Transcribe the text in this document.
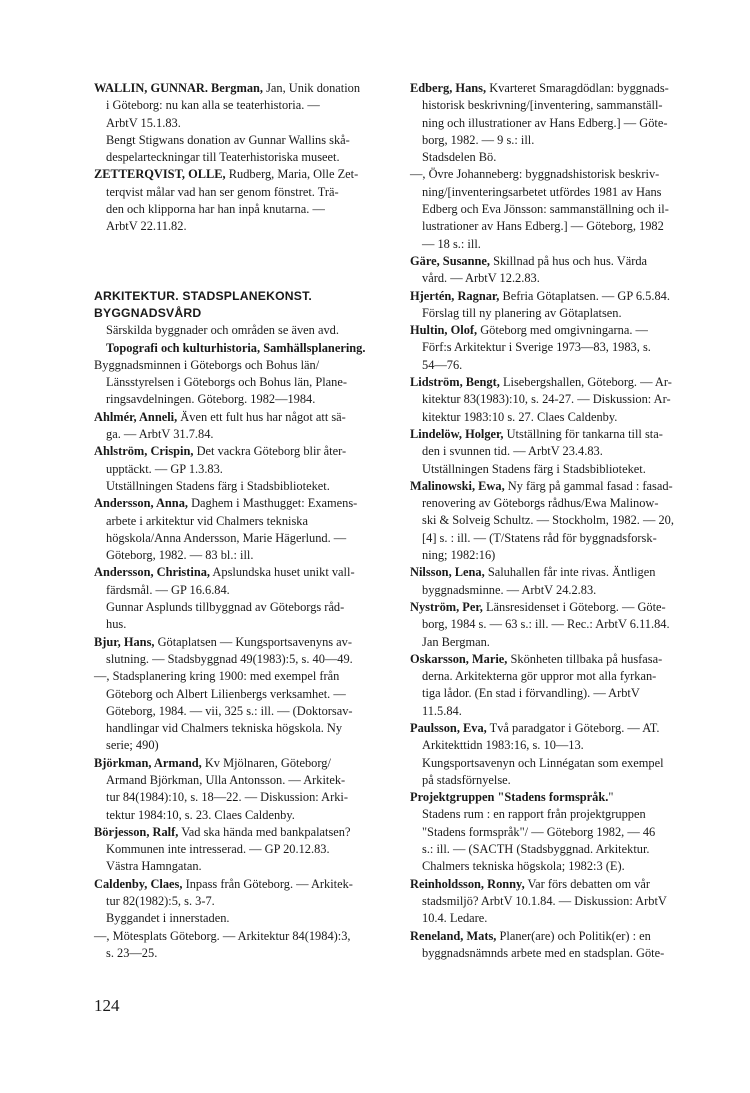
WALLIN, GUNNAR. Bergman, Jan, Unik donation
i Göteborg: nu kan alla se teaterhistoria. —
ArbtV 15.1.83.
Bengt Stigwans donation av Gunnar Wallins skå-
despelarteckningar till Teaterhistoriska museet.
ZETTERQVIST, OLLE, Rudberg, Maria, Olle Zet-
terqvist målar vad han ser genom fönstret. Trä-
den och klipporna har han inpå knutarna. —
ArbtV 22.11.82.
ARKITEKTUR. STADSPLANEKONST.
BYGGNADSVÅRD
Särskilda byggnader och områden se även avd.
Topografi och kulturhistoria, Samhällsplanering.
Byggnadsminnen i Göteborgs och Bohus län/
Länsstyrelsen i Göteborgs och Bohus län, Plane-
ringsavdelningen. Göteborg. 1982—1984.
Ahlmér, Anneli, Även ett fult hus har något att sä-
ga. — ArbtV 31.7.84.
Ahlström, Crispin, Det vackra Göteborg blir åter-
upptäckt. — GP 1.3.83.
Utställningen Stadens färg i Stadsbiblioteket.
Andersson, Anna, Daghem i Masthugget: Examens-
arbete i arkitektur vid Chalmers tekniska
högskola/Anna Andersson, Marie Hägerlund. —
Göteborg, 1982. — 83 bl.: ill.
Andersson, Christina, Apslundska huset unikt vall-
färdsmål. — GP 16.6.84.
Gunnar Asplunds tillbyggnad av Göteborgs råd-
hus.
Bjur, Hans, Götaplatsen — Kungsportsavenyns av-
slutning. — Stadsbyggnad 49(1983):5, s. 40—49.
—, Stadsplanering kring 1900: med exempel från
Göteborg och Albert Lilienbergs verksamhet. —
Göteborg, 1984. — vii, 325 s.: ill. — (Doktorsav-
handlingar vid Chalmers tekniska högskola. Ny
serie; 490)
Björkman, Armand, Kv Mjölnaren, Göteborg/
Armand Björkman, Ulla Antonsson. — Arkitek-
tur 84(1984):10, s. 18—22. — Diskussion: Arki-
tektur 1984:10, s. 23. Claes Caldenby.
Börjesson, Ralf, Vad ska hända med bankpalatsen?
Kommunen inte intresserad. — GP 20.12.83.
Västra Hamngatan.
Caldenby, Claes, Inpass från Göteborg. — Arkitek-
tur 82(1982):5, s. 3-7.
Byggandet i innerstaden.
—, Mötesplats Göteborg. — Arkitektur 84(1984):3,
s. 23—25.
Edberg, Hans, Kvarteret Smaragdödlan: byggnads-
historisk beskrivning/[inventering, sammanställ-
ning och illustrationer av Hans Edberg.] — Göte-
borg, 1982. — 9 s.: ill.
Stadsdelen Bö.
—, Övre Johanneberg: byggnadshistorisk beskriv-
ning/[inventeringsarbetet utfördes 1981 av Hans
Edberg och Eva Jönsson: sammanställning och il-
lustrationer av Hans Edberg.] — Göteborg, 1982
— 18 s.: ill.
Gäre, Susanne, Skillnad på hus och hus. Värda
vård. — ArbtV 12.2.83.
Hjertén, Ragnar, Befria Götaplatsen. — GP 6.5.84.
Förslag till ny planering av Götaplatsen.
Hultin, Olof, Göteborg med omgivningarna. —
Förf:s Arkitektur i Sverige 1973—83, 1983, s.
54—76.
Lidström, Bengt, Lisebergshallen, Göteborg. — Ar-
kitektur 83(1983):10, s. 24-27. — Diskussion: Ar-
kitektur 1983:10 s. 27. Claes Caldenby.
Lindelöw, Holger, Utställning för tankarna till sta-
den i svunnen tid. — ArbtV 23.4.83.
Utställningen Stadens färg i Stadsbiblioteket.
Malinowski, Ewa, Ny färg på gammal fasad : fasad-
renovering av Göteborgs rådhus/Ewa Malinow-
ski & Solveig Schultz. — Stockholm, 1982. — 20,
[4] s. : ill. — (T/Statens råd för byggnadsforsk-
ning; 1982:16)
Nilsson, Lena, Saluhallen får inte rivas. Äntligen
byggnadsminne. — ArbtV 24.2.83.
Nyström, Per, Länsresidenset i Göteborg. — Göte-
borg, 1984 s. — 63 s.: ill. — Rec.: ArbtV 6.11.84.
Jan Bergman.
Oskarsson, Marie, Skönheten tillbaka på husfasa-
derna. Arkitekterna gör uppror mot alla fyrkan-
tiga lådor. (En stad i förvandling). — ArbtV
11.5.84.
Paulsson, Eva, Två paradgator i Göteborg. — AT.
Arkitekttidn 1983:16, s. 10—13.
Kungsportsavenyn och Linnégatan som exempel
på stadsförnyelse.
Projektgruppen "Stadens formspråk."
Stadens rum : en rapport från projektgruppen
"Stadens formspråk"/ — Göteborg 1982, — 46
s.: ill. — (SACTH (Stadsbyggnad. Arkitektur.
Chalmers tekniska högskola; 1982:3 (E).
Reinholdsson, Ronny, Var förs debatten om vår
stadsmiljö? ArbtV 10.1.84. — Diskussion: ArbtV
10.4. Ledare.
Reneland, Mats, Planer(are) och Politik(er) : en
byggnadsnämnds arbete med en stadsplan. Göte-
124
